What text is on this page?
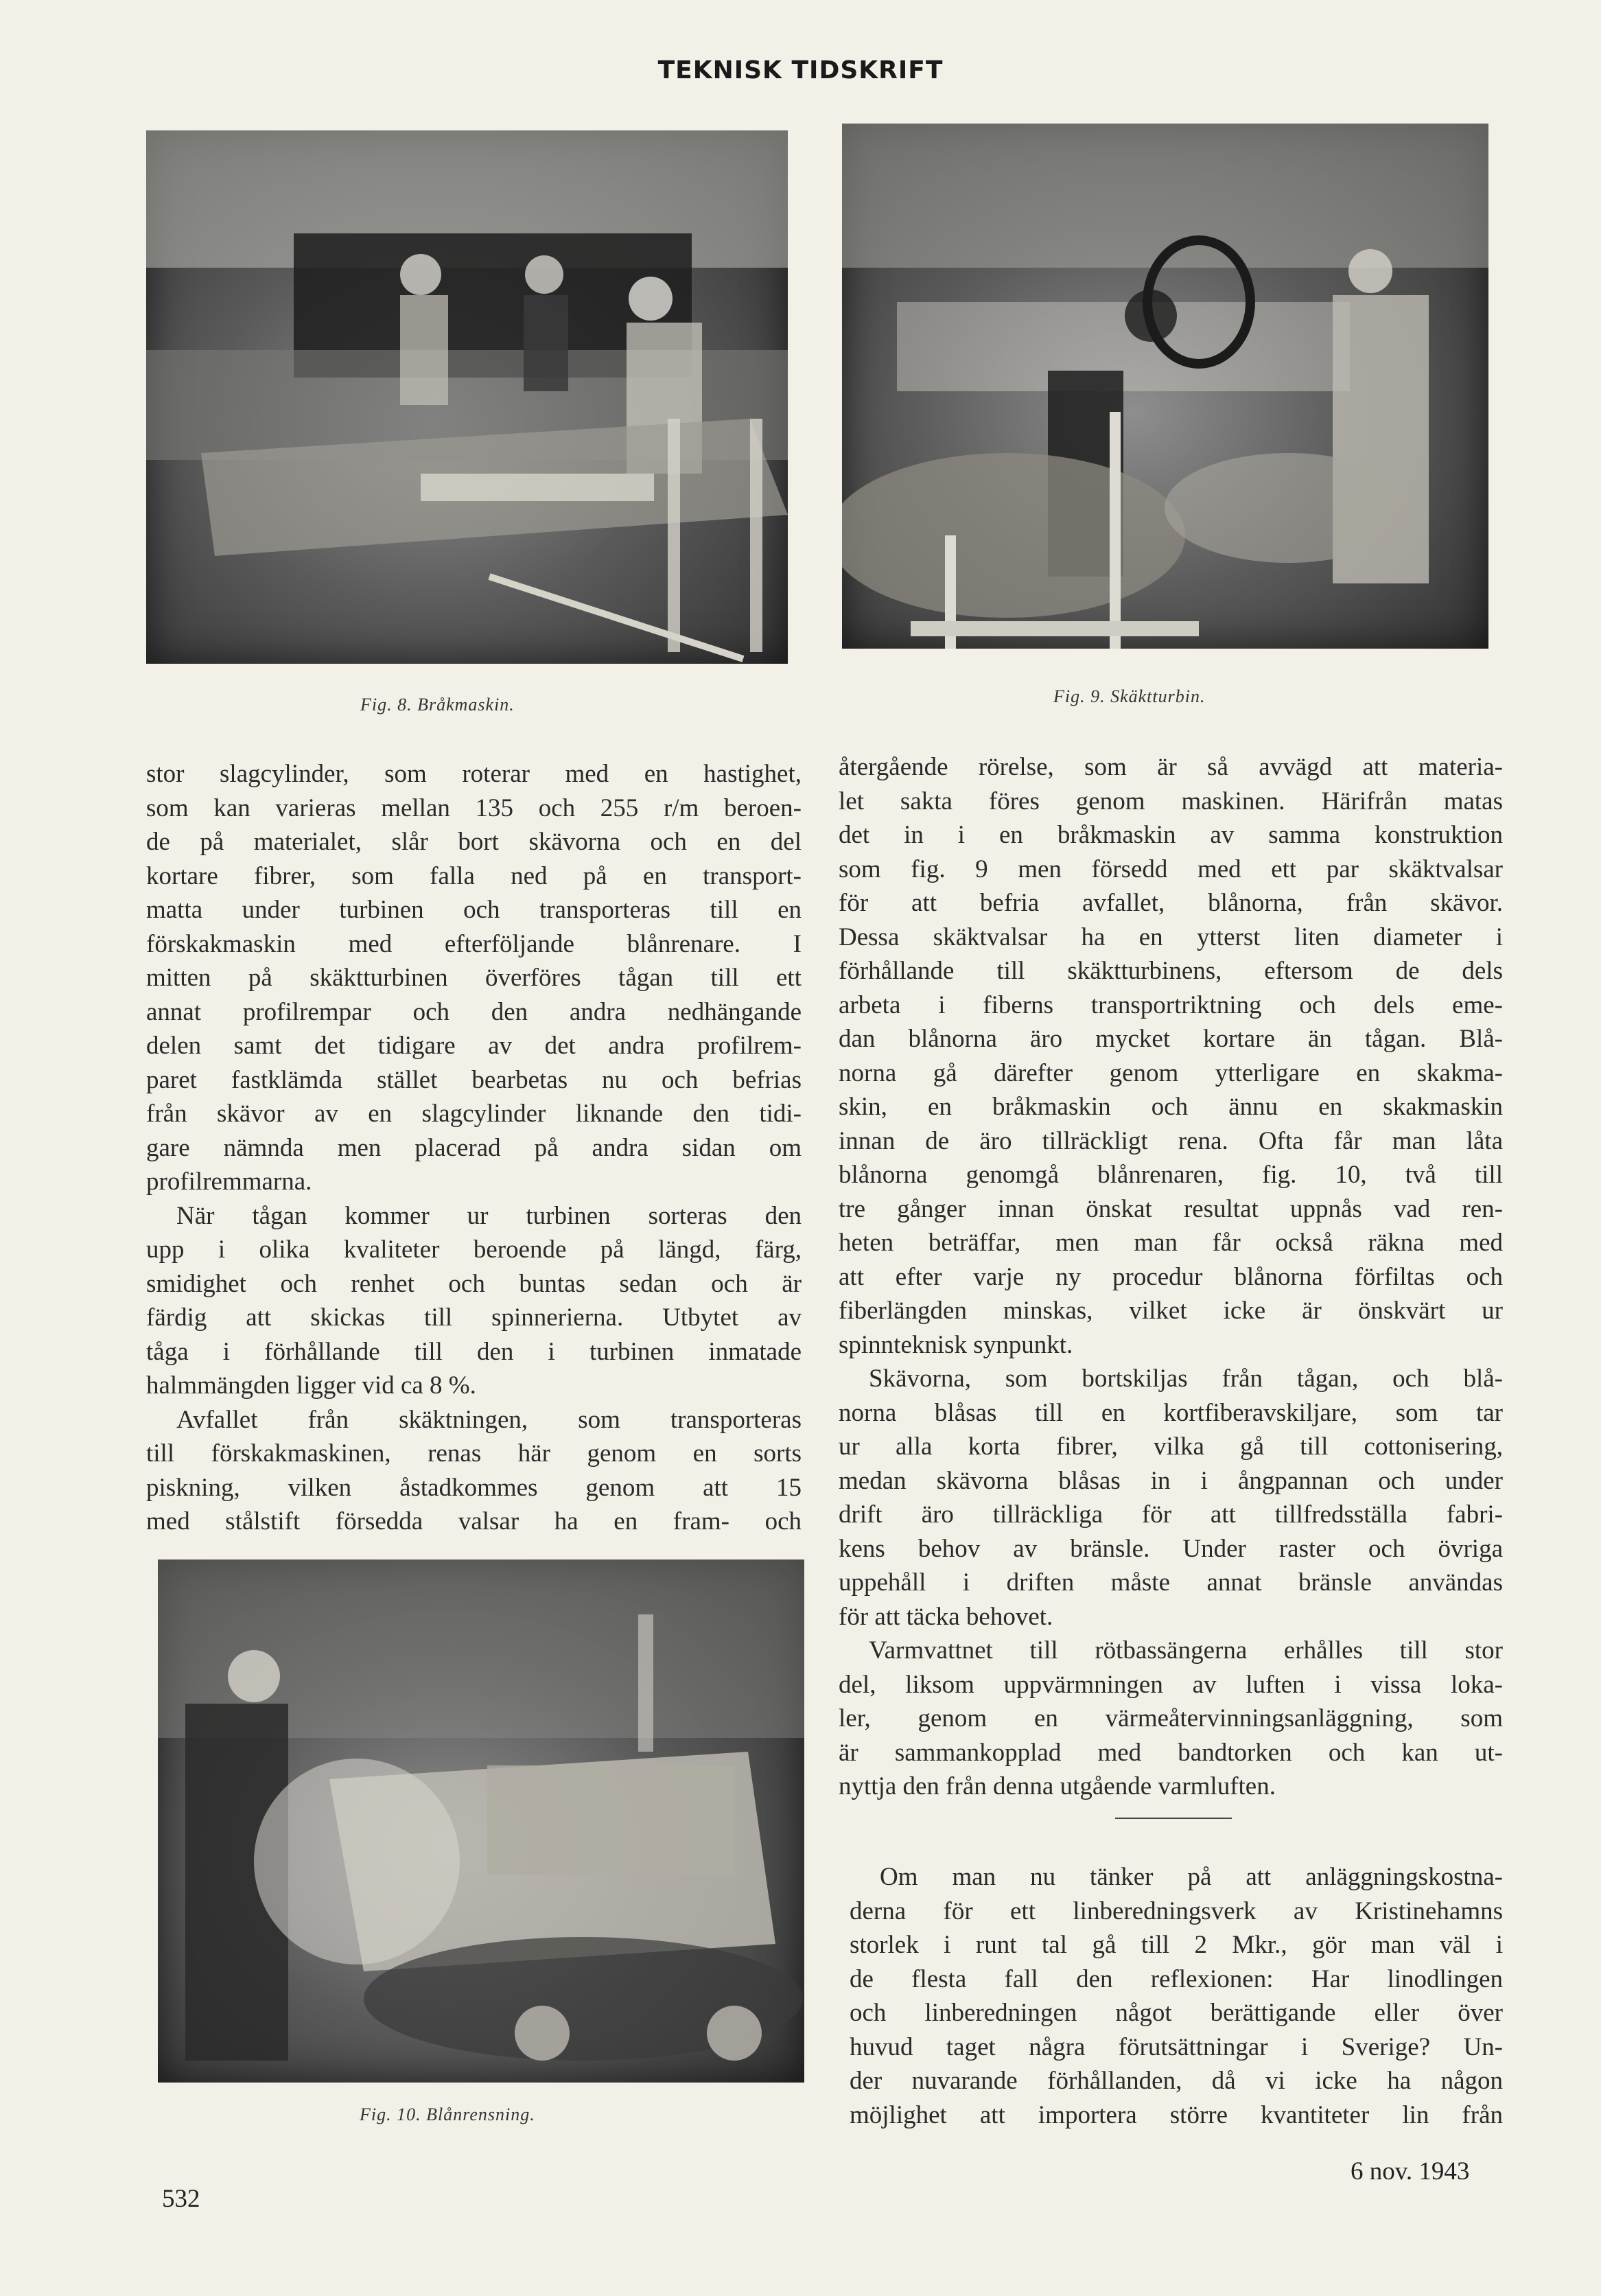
TEKNISK TIDSKRIFT
Fig. 8. Bråkmaskin.	Fig. 9. Skäktturbin.

stor slagcylinder, som roterar med en hastighet,

som kan varieras mellan 135 och 255 r/m beroen-

de på materialet, slår bort skävorna och en del

kortare fibrer, som falla ned på en transport-

matta under turbinen och transporteras till en

förskakmaskin med efterföljande blånrenare. I

mitten på skäktturbinen överföres tågan till ett

annat profilrempar och den andra nedhängande

delen samt det tidigare av det andra profilrem-

paret fastklämda stället bearbetas nu och befrias

från skävor av en slagcylinder liknande den tidi-

gare nämnda men placerad på andra sidan om

profilremmarna.

När tågan kommer ur turbinen sorteras den

upp i olika kvaliteter beroende på längd, färg,

smidighet och renhet och buntas sedan och är

färdig att skickas till spinnerierna. Utbytet av

tåga i förhållande till den i turbinen inmatade

halmmängden ligger vid ca 8 %.

Avfallet från skäktningen, som transporteras

till förskakmaskinen, renas här genom en sorts

piskning, vilken åstadkommes genom att 15

med stålstift försedda valsar ha en fram- och

Fig. 10. Blånrensning.

återgående rörelse, som är så avvägd att materia-

let sakta föres genom maskinen. Härifrån matas

det in i en bråkmaskin av samma konstruktion

som fig. 9 men försedd med ett par skäktvalsar

för att befria avfallet, blånorna, från skävor.

Dessa skäktvalsar ha en ytterst liten diameter i

förhållande till skäktturbinens, eftersom de dels

arbeta i fiberns transportriktning och dels eme-

dan blånorna äro mycket kortare än tågan. Blå-

norna gå därefter genom ytterligare en skakma-

skin, en bråkmaskin och ännu en skakmaskin

innan de äro tillräckligt rena. Ofta får man låta

blånorna genomgå blånrenaren, fig. 10, två till

tre gånger innan önskat resultat uppnås vad ren-

heten beträffar, men man får också räkna med

att efter varje ny procedur blånorna förfiltas och

fiberlängden minskas, vilket icke är önskvärt ur

spinnteknisk synpunkt.

Skävorna, som bortskiljas från tågan, och blå-

norna blåsas till en kortfiberavskiljare, som tar

ur alla korta fibrer, vilka gå till cottonisering,

medan skävorna blåsas in i ångpannan och under

drift äro tillräckliga för att tillfredsställa fabri-

kens behov av bränsle. Under raster och övriga

uppehåll i driften måste annat bränsle användas

för att täcka behovet.

Varmvattnet till rötbassängerna erhålles till stor

del, liksom uppvärmningen av luften i vissa loka-

ler, genom en värmeåtervinningsanläggning, som

är sammankopplad med bandtorken och kan ut-

nyttja den från denna utgående varmluften.

Om man nu tänker på att anläggningskostna-

derna för ett linberedningsverk av Kristinehamns

storlek i runt tal gå till 2 Mkr., gör man väl i

de flesta fall den reflexionen: Har linodlingen

och linberedningen något berättigande eller över

huvud taget några förutsättningar i Sverige? Un-

der nuvarande förhållanden, då vi icke ha någon

möjlighet att importera större kvantiteter lin från

532
6 nov. 1943
